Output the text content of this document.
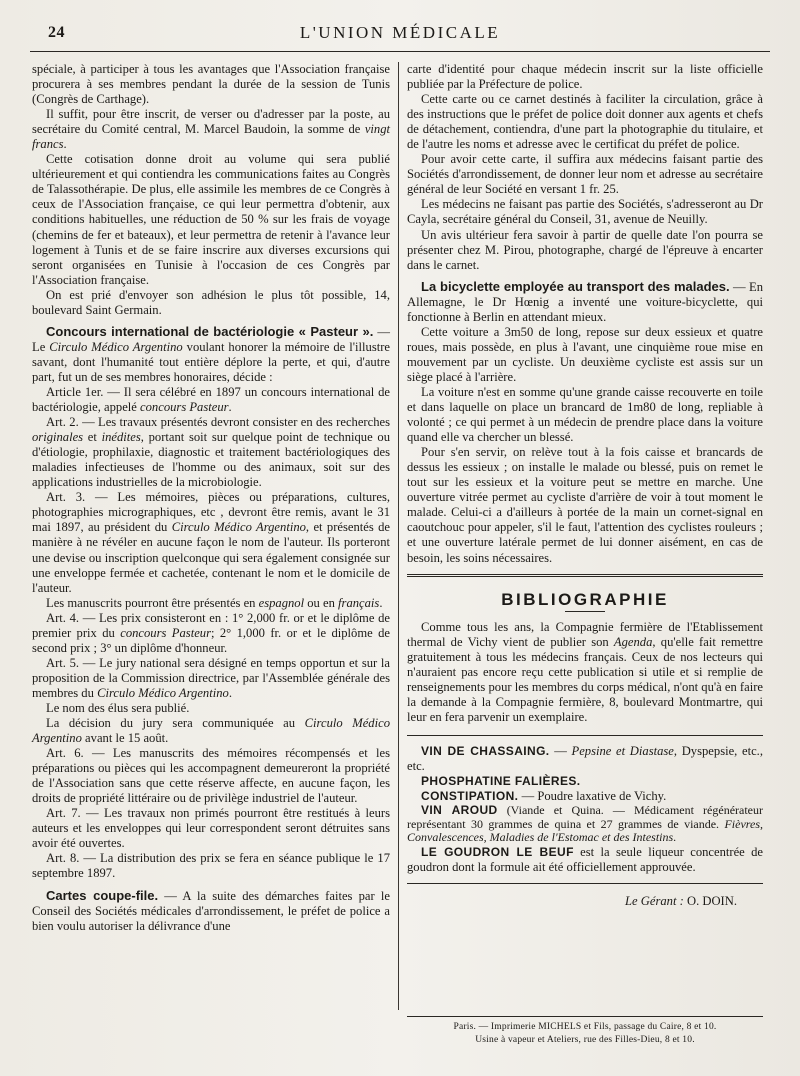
24	L'UNION MÉDICALE

spéciale, à participer à tous les avantages que l'Association française procurera à ses membres pendant la durée de la session de Tunis (Congrès de Carthage).

Il suffit, pour être inscrit, de verser ou d'adresser par la poste, au secrétaire du Comité central, M. Marcel Baudoin, la somme de vingt francs.

Cette cotisation donne droit au volume qui sera publié ultérieurement et qui contiendra les communications faites au Congrès de Talassothérapie. De plus, elle assimile les membres de ce Congrès à ceux de l'Association française, ce qui leur permettra d'obtenir, aux conditions habituelles, une réduction de 50 % sur les frais de voyage (chemins de fer et bateaux), et leur permettra de retenir à l'avance leur logement à Tunis et de se faire inscrire aux diverses excursions qui seront organisées en Tunisie à l'occasion de ces Congrès par l'Association française.

On est prié d'envoyer son adhésion le plus tôt possible, 14, boulevard Saint Germain.

Concours international de bactériologie « Pasteur ». — Le Circulo Médico Argentino voulant honorer la mémoire de l'illustre savant, dont l'humanité tout entière déplore la perte, et qui, d'autre part, fut un de ses membres honoraires, décide :

Article 1er. — Il sera célébré en 1897 un concours international de bactériologie, appelé concours Pasteur.

Art. 2. — Les travaux présentés devront consister en des recherches originales et inédites, portant soit sur quelque point de technique ou d'étiologie, prophilaxie, diagnostic et traitement bactériologiques des maladies infectieuses de l'homme ou des animaux, soit sur des applications industrielles de la microbiologie.

Art. 3. — Les mémoires, pièces ou préparations, cultures, photographies micrographiques, etc , devront être remis, avant le 31 mai 1897, au président du Circulo Médico Argentino, et présentés de manière à ne révéler en aucune façon le nom de l'auteur. Ils porteront une devise ou inscription quelconque qui sera également consignée sur une enveloppe fermée et cachetée, contenant le nom et le domicile de l'auteur.

Les manuscrits pourront être présentés en espagnol ou en français.

Art. 4. — Les prix consisteront en : 1° 2,000 fr. or et le diplôme de premier prix du concours Pasteur; 2° 1,000 fr. or et le diplôme de second prix ; 3° un diplôme d'honneur.

Art. 5. — Le jury national sera désigné en temps opportun et sur la proposition de la Commission directrice, par l'Assemblée générale des membres du Circulo Médico Argentino.

Le nom des élus sera publié.

La décision du jury sera communiquée au Circulo Médico Argentino avant le 15 août.

Art. 6. — Les manuscrits des mémoires récompensés et les préparations ou pièces qui les accompagnent demeureront la propriété de l'Association sans que cette réserve affecte, en aucune façon, les droits de propriété littéraire ou de privilège industriel de l'auteur.

Art. 7. — Les travaux non primés pourront être restitués à leurs auteurs et les enveloppes qui leur correspondent seront détruites sans avoir été ouvertes.

Art. 8. — La distribution des prix se fera en séance publique le 17 septembre 1897.

Cartes coupe-file. — A la suite des démarches faites par le Conseil des Sociétés médicales d'arrondissement, le préfet de police a bien voulu autoriser la délivrance d'une

carte d'identité pour chaque médecin inscrit sur la liste officielle publiée par la Préfecture de police.

Cette carte ou ce carnet destinés à faciliter la circulation, grâce à des instructions que le préfet de police doit donner aux agents et chefs de détachement, contiendra, d'une part la photographie du titulaire, et de l'autre les noms et adresse avec le certificat du préfet de police.

Pour avoir cette carte, il suffira aux médecins faisant partie des Sociétés d'arrondissement, de donner leur nom et adresse au secrétaire général de leur Société en versant 1 fr. 25.

Les médecins ne faisant pas partie des Sociétés, s'adresseront au Dr Cayla, secrétaire général du Conseil, 31, avenue de Neuilly.

Un avis ultérieur fera savoir à partir de quelle date l'on pourra se présenter chez M. Pirou, photographe, chargé de l'épreuve à encarter dans le carnet.

La bicyclette employée au transport des malades. — En Allemagne, le Dr Hœnig a inventé une voiture-bicyclette, qui fonctionne à Berlin en attendant mieux.

Cette voiture a 3m50 de long, repose sur deux essieux et quatre roues, mais possède, en plus à l'avant, une cinquième roue mise en mouvement par un cycliste. Un deuxième cycliste est assis sur un siège placé à l'arrière.

La voiture n'est en somme qu'une grande caisse recouverte en toile et dans laquelle on place un brancard de 1m80 de long, repliable à volonté ; ce qui permet à un médecin de prendre place dans la voiture quand elle va chercher un blessé.

Pour s'en servir, on relève tout à la fois caisse et brancards de dessus les essieux ; on installe le malade ou blessé, puis on remet le tout sur les essieux et la voiture peut se mettre en marche. Une ouverture vitrée permet au cycliste d'arrière de voir à tout moment le malade. Celui-ci a d'ailleurs à portée de la main un cornet-signal en caoutchouc pour appeler, s'il le faut, l'attention des cyclistes rouleurs ; et une ouverture latérale permet de lui donner aisément, en cas de besoin, les soins nécessaires.

BIBLIOGRAPHIE

Comme tous les ans, la Compagnie fermière de l'Etablissement thermal de Vichy vient de publier son Agenda, qu'elle fait remettre gratuitement à tous les médecins français. Ceux de nos lecteurs qui n'auraient pas encore reçu cette publication si utile et si remplie de renseignements pour les membres du corps médical, n'ont qu'à en faire la demande à la Compagnie fermière, 8, boulevard Montmartre, qui leur en fera parvenir un exemplaire.

VIN DE CHASSAING. — Pepsine et Diastase, Dyspepsie, etc., etc.

PHOSPHATINE FALIÈRES.

CONSTIPATION. — Poudre laxative de Vichy.

VIN AROUD (Viande et Quina. — Médicament régénérateur représentant 30 grammes de quina et 27 grammes de viande. Fièvres, Convalescences, Maladies de l'Estomac et des Intestins.

LE GOUDRON LE BEUF est la seule liqueur concentrée de goudron dont la formule ait été officiellement approuvée.

Le Gérant : O. DOIN.
Paris. — Imprimerie MICHELS et Fils, passage du Caire, 8 et 10.
Usine à vapeur et Ateliers, rue des Filles-Dieu, 8 et 10.
